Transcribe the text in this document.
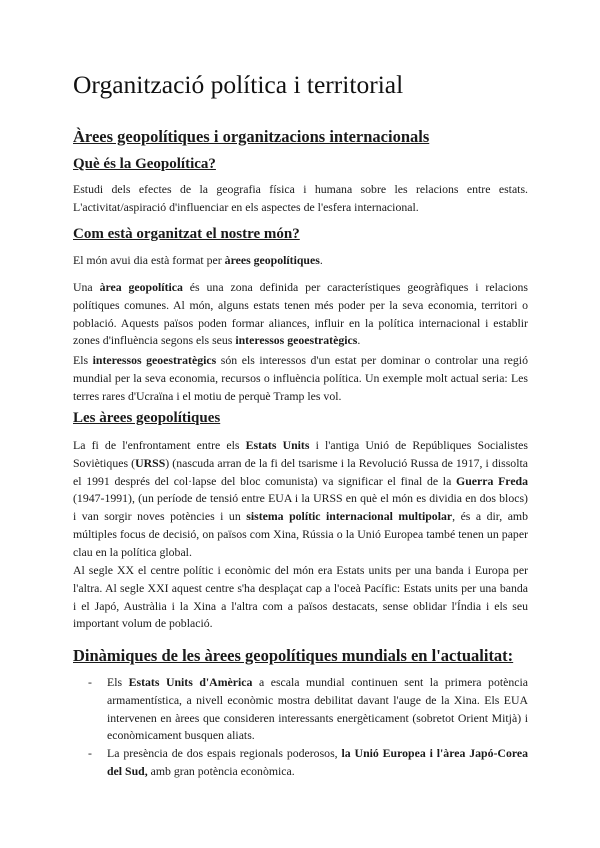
Organització política i territorial
Àrees geopolítiques i organitzacions internacionals
Què és la Geopolítica?

Estudi dels efectes de la geografia física i humana sobre les relacions entre estats. L'activitat/aspiració d'influenciar en els aspectes de l'esfera internacional.

Com està organitzat el nostre món?

El món avui dia està format per àrees geopolítiques.

Una àrea geopolítica és una zona definida per característiques geogràfiques i relacions polítiques comunes. Al món, alguns estats tenen més poder per la seva economia, territori o població. Aquests països poden formar aliances, influir en la política internacional i establir zones d'influència segons els seus interessos geoestratègics.

Els interessos geoestratègics són els interessos d'un estat per dominar o controlar una regió mundial per la seva economia, recursos o influència política. Un exemple molt actual seria: Les terres rares d'Ucraïna i el motiu de perquè Tramp les vol.

Les àrees geopolítiques

La fi de l'enfrontament entre els Estats Units i l'antiga Unió de Repúbliques Socialistes Soviètiques (URSS) (nascuda arran de la fi del tsarisme i la Revolució Russa de 1917, i dissolta el 1991 després del col·lapse del bloc comunista) va significar el final de la Guerra Freda (1947-1991), (un període de tensió entre EUA i la URSS en què el món es dividia en dos blocs) i van sorgir noves potències i un sistema polític internacional multipolar, és a dir, amb múltiples focus de decisió, on països com Xina, Rússia o la Unió Europea també tenen un paper clau en la política global.

Al segle XX el centre polític i econòmic del món era Estats units per una banda i Europa per l'altra. Al segle XXI aquest centre s'ha desplaçat cap a l'oceà Pacífic: Estats units per una banda i el Japó, Austràlia i la Xina a l'altra com a països destacats, sense oblidar l'Índia i els seu important volum de població.

Dinàmiques de les àrees geopolítiques mundials en l'actualitat:
- Els Estats Units d'Amèrica a escala mundial continuen sent la primera potència armamentística, a nivell econòmic mostra debilitat davant l'auge de la Xina. Els EUA intervenen en àrees que consideren interessants energèticament (sobretot Orient Mitjà) i econòmicament busquen aliats.
- La presència de dos espais regionals poderosos, la Unió Europea i l'àrea Japó-Corea del Sud, amb gran potència econòmica.
